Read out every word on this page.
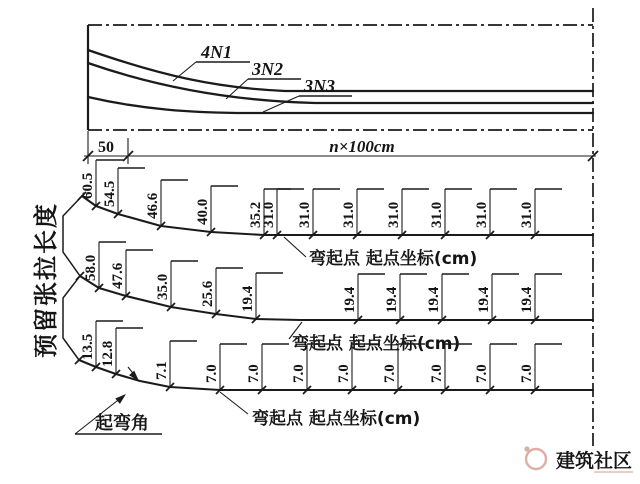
4N1
3N2
3N3
50	n×100cm
预留张拉长度
60.5 54.5 46.6 40.0 35.2
31.0 31.0 31.0 31.0 31.0 31.0 31.0
弯起点 起点坐标(cm)
58.0 47.6 35.0 25.6 19.4	19.4 19.4 19.4 19.4 19.4
弯起点 起点坐标(cm)
13.5 12.8
7.1 7.0 7.0 7.0 7.0 7.0 7.0 7.0 7.0
弯起点 起点坐标(cm)
起弯角
建筑社区
